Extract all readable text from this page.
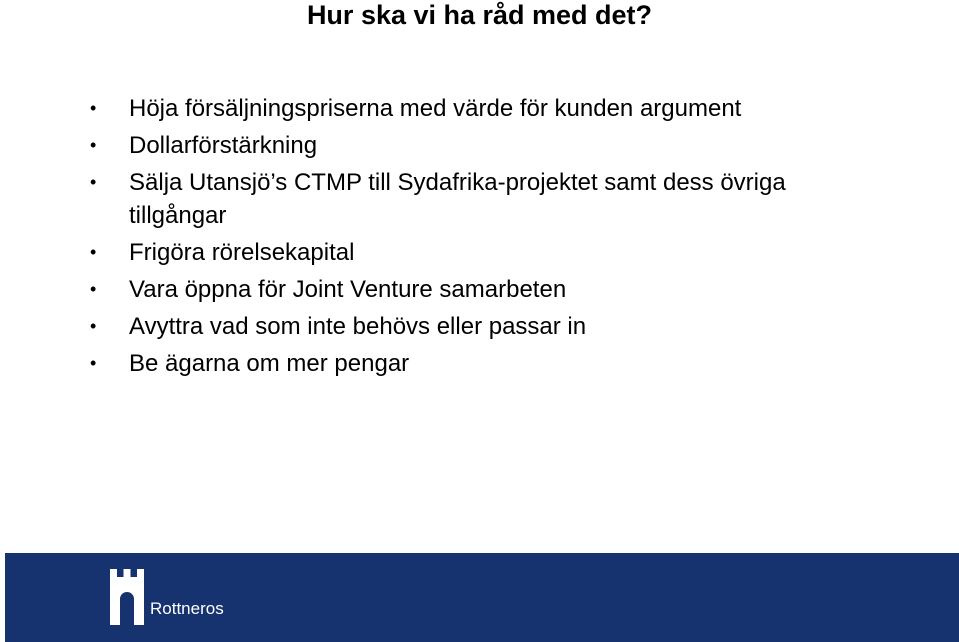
Hur ska vi ha råd med det?
• Höja försäljningspriserna med värde för kunden argument
• Dollarförstärkning
• Sälja Utansjö’s CTMP till Sydafrika-projektet samt dess övriga tillgångar
• Frigöra rörelsekapital
• Vara öppna för Joint Venture samarbeten
• Avyttra vad som inte behövs eller passar in
• Be ägarna om mer pengar
Rottneros
